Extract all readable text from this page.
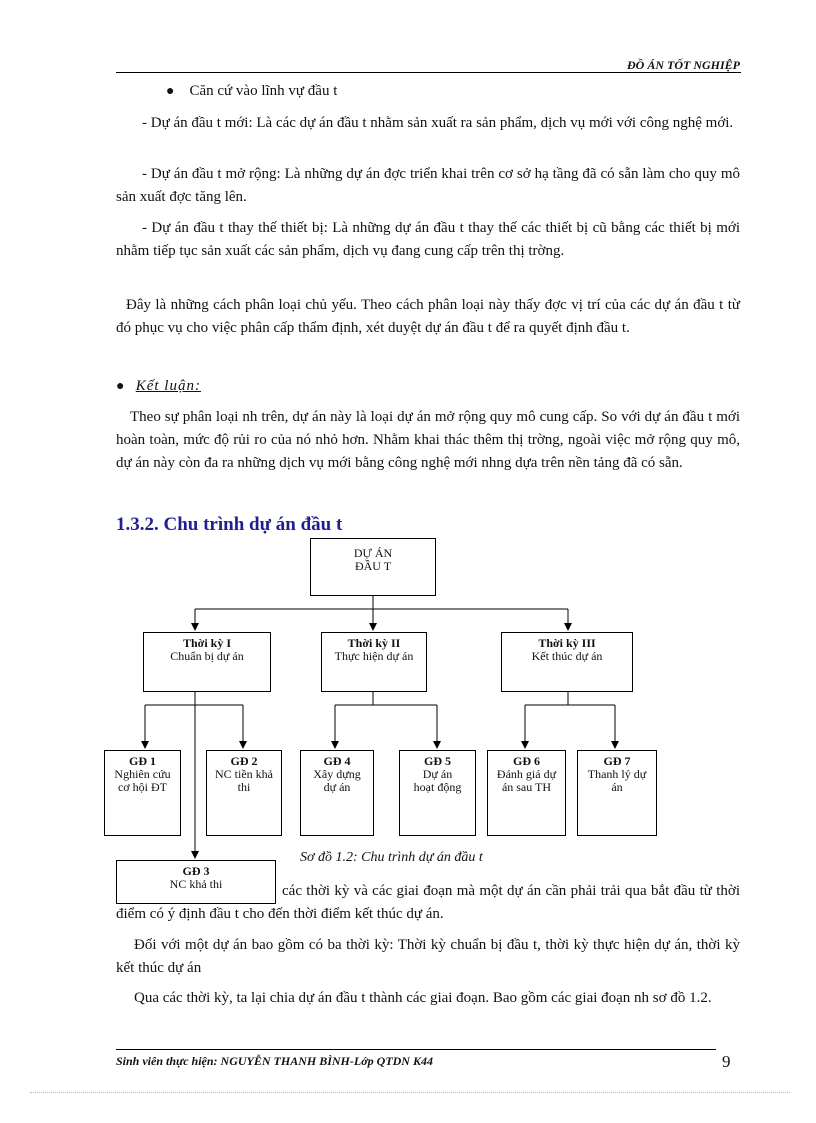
ĐỒ ÁN TỐT NGHIỆP

● Căn cứ vào lĩnh vự đầu t

- Dự án đầu t mới: Là các dự án đầu t nhằm sản xuất ra sản phẩm, dịch vụ mới với công nghệ mới.

- Dự án đầu t mở rộng: Là những dự án đợc triển khai trên cơ sở hạ tầng đã có sẵn làm cho quy mô sản xuất đợc tăng lên.

- Dự án đầu t thay thế thiết bị: Là những dự án đầu t thay thế các thiết bị cũ bằng các thiết bị mới nhằm tiếp tục sản xuất các sản phẩm, dịch vụ đang cung cấp trên thị trờng.

Đây là những cách phân loại chủ yếu. Theo cách phân loại này thấy đợc vị trí của các dự án đầu t từ đó phục vụ cho việc phân cấp thẩm định, xét duyệt dự án đầu t để ra quyết định đầu t.

● Kết luận:

Theo sự phân loại nh trên, dự án này là loại dự án mở rộng quy mô cung cấp. So với dự án đầu t mới hoàn toàn, mức độ rủi ro của nó nhỏ hơn. Nhằm khai thác thêm thị trờng, ngoài việc mở rộng quy mô, dự án này còn đa ra những dịch vụ mới bằng công nghệ mới nhng dựa trên nền tảng đã có sẵn.

1.3.2. Chu trình dự án đầu t
DỰ ÁN
ĐẦU T
Thời kỳ I
Chuẩn bị dự án
Thời kỳ II
Thực hiện dự án
Thời kỳ III
Kết thúc dự án
GĐ 1
Nghiên cứu cơ hội ĐT
GĐ 2
NC tiền khả thi
GĐ 3
NC khả thi
GĐ 4
Xây dựng dự án
GĐ 5
Dự án hoạt động
GĐ 6
Đánh giá dự án sau TH
GĐ 7
Thanh lý dự án
Sơ đồ 1.2: Chu trình dự án đầu t

các thời kỳ và các giai đoạn mà một dự án cần phải trải qua bắt đầu từ thời điểm có ý định đầu t cho đến thời điểm kết thúc dự án.

Đối với một dự án bao gồm có ba thời kỳ: Thời kỳ chuẩn bị đầu t, thời kỳ thực hiện dự án, thời kỳ kết thúc dự án

Qua các thời kỳ, ta lại chia dự án đầu t thành các giai đoạn. Bao gồm các giai đoạn nh sơ đồ 1.2.

Sinh viên thực hiện: NGUYỄN THANH BÌNH-Lớp QTDN K44	9
